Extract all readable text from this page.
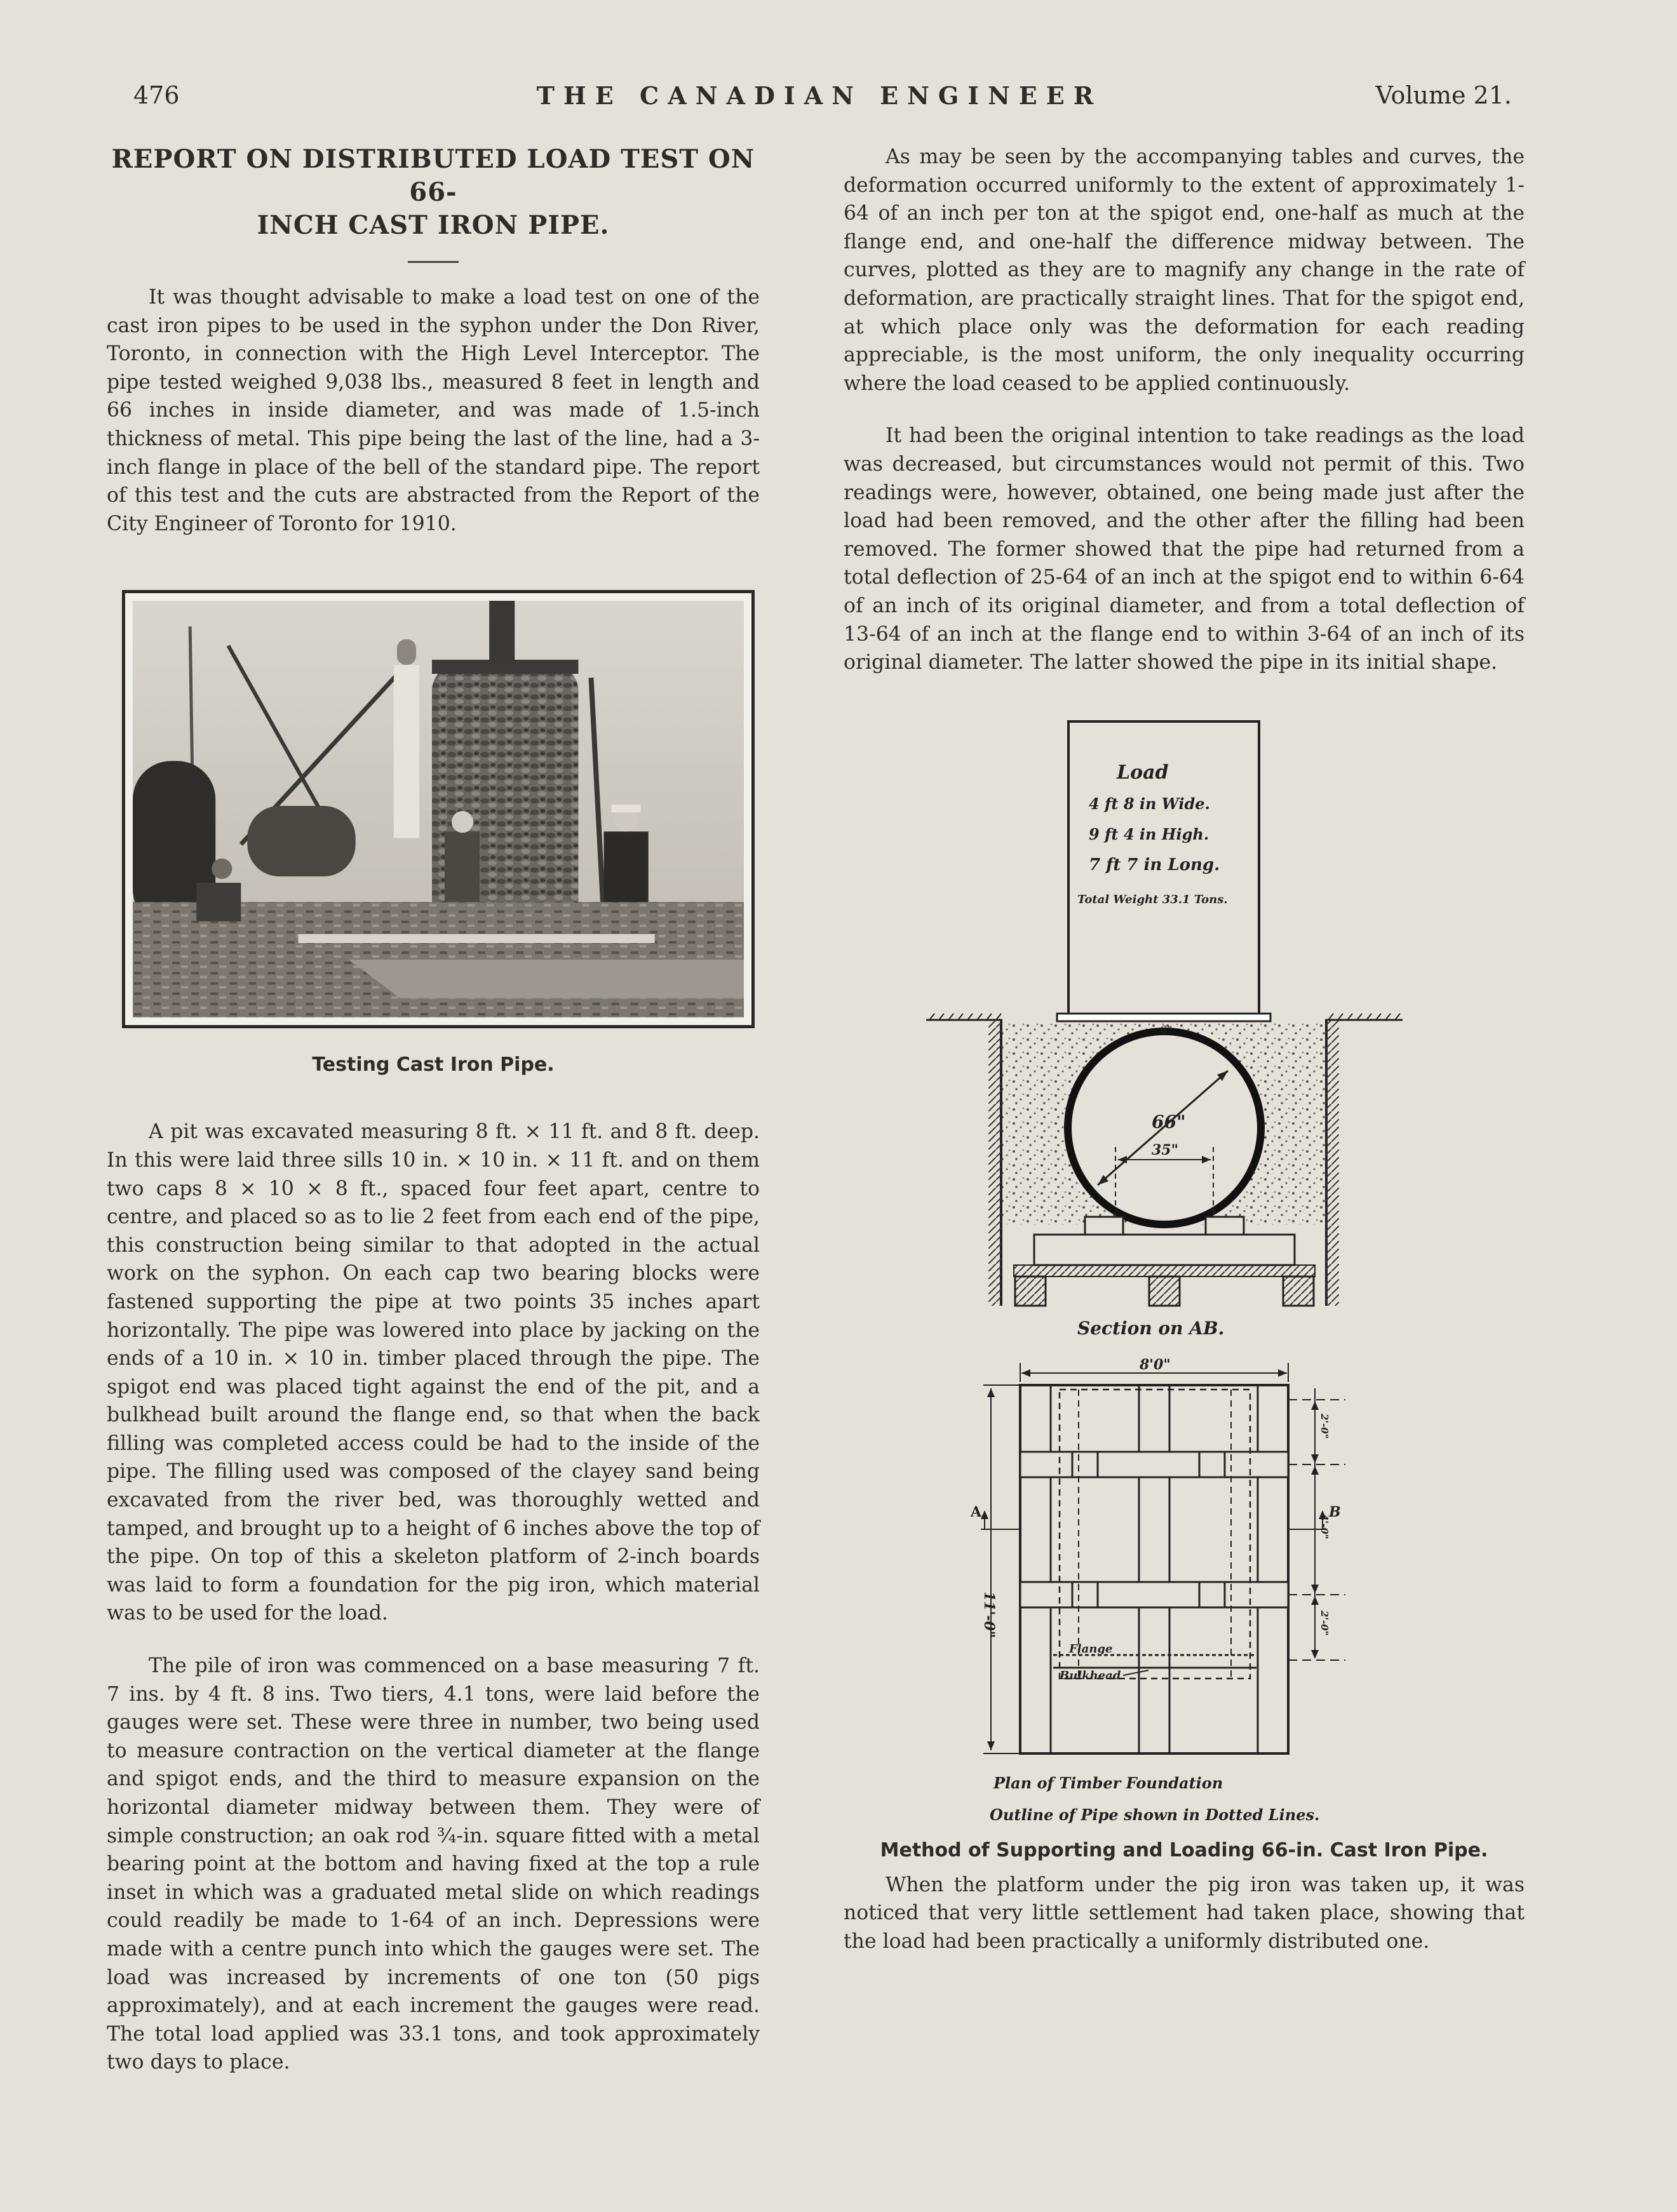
476	THE CANADIAN ENGINEER	Volume 21.
REPORT ON DISTRIBUTED LOAD TEST ON 66-
INCH CAST IRON PIPE.

It was thought advisable to make a load test on one of the cast iron pipes to be used in the syphon under the Don River, Toronto, in connection with the High Level Interceptor. The pipe tested weighed 9,038 lbs., measured 8 feet in length and 66 inches in inside diameter, and was made of 1.5-inch thickness of metal. This pipe being the last of the line, had a 3-inch flange in place of the bell of the standard pipe. The report of this test and the cuts are abstracted from the Report of the City Engineer of Toronto for 1910.

Testing Cast Iron Pipe.

A pit was excavated measuring 8 ft. × 11 ft. and 8 ft. deep. In this were laid three sills 10 in. × 10 in. × 11 ft. and on them two caps 8 × 10 × 8 ft., spaced four feet apart, centre to centre, and placed so as to lie 2 feet from each end of the pipe, this construction being similar to that adopted in the actual work on the syphon. On each cap two bearing blocks were fastened supporting the pipe at two points 35 inches apart horizontally. The pipe was lowered into place by jacking on the ends of a 10 in. × 10 in. timber placed through the pipe. The spigot end was placed tight against the end of the pit, and a bulkhead built around the flange end, so that when the back filling was completed access could be had to the inside of the pipe. The filling used was composed of the clayey sand being excavated from the river bed, was thoroughly wetted and tamped, and brought up to a height of 6 inches above the top of the pipe. On top of this a skeleton platform of 2-inch boards was laid to form a foundation for the pig iron, which material was to be used for the load.

The pile of iron was commenced on a base measuring 7 ft. 7 ins. by 4 ft. 8 ins. Two tiers, 4.1 tons, were laid before the gauges were set. These were three in number, two being used to measure contraction on the vertical diameter at the flange and spigot ends, and the third to measure expansion on the horizontal diameter midway between them. They were of simple construction; an oak rod ¾-in. square fitted with a metal bearing point at the bottom and having fixed at the top a rule inset in which was a graduated metal slide on which readings could readily be made to 1-64 of an inch. Depressions were made with a centre punch into which the gauges were set. The load was increased by increments of one ton (50 pigs approximately), and at each increment the gauges were read. The total load applied was 33.1 tons, and took approximately two days to place.

As may be seen by the accompanying tables and curves, the deformation occurred uniformly to the extent of approximately 1-64 of an inch per ton at the spigot end, one-half as much at the flange end, and one-half the difference midway between. The curves, plotted as they are to magnify any change in the rate of deformation, are practically straight lines. That for the spigot end, at which place only was the deformation for each reading appreciable, is the most uniform, the only inequality occurring where the load ceased to be applied continuously.

It had been the original intention to take readings as the load was decreased, but circumstances would not permit of this. Two readings were, however, obtained, one being made just after the load had been removed, and the other after the filling had been removed. The former showed that the pipe had returned from a total deflection of 25-64 of an inch at the spigot end to within 6-64 of an inch of its original diameter, and from a total deflection of 13-64 of an inch at the flange end to within 3-64 of an inch of its original diameter. The latter showed the pipe in its initial shape.

Load
4 ft 8 in Wide.
9 ft 4 in High.
7 ft 7 in Long.
Total Weight 33.1 Tons.
66"
35"
6"
Section on AB.
8'0"
Flange
Bulkhead
A	B
11'-0"
2'-0"
4'-0"
2'-0"
Plan of Timber Foundation
Outline of Pipe shown in Dotted Lines.
Method of Supporting and Loading 66-in. Cast Iron Pipe.

When the platform under the pig iron was taken up, it was noticed that very little settlement had taken place, showing that the load had been practically a uniformly distributed one.
